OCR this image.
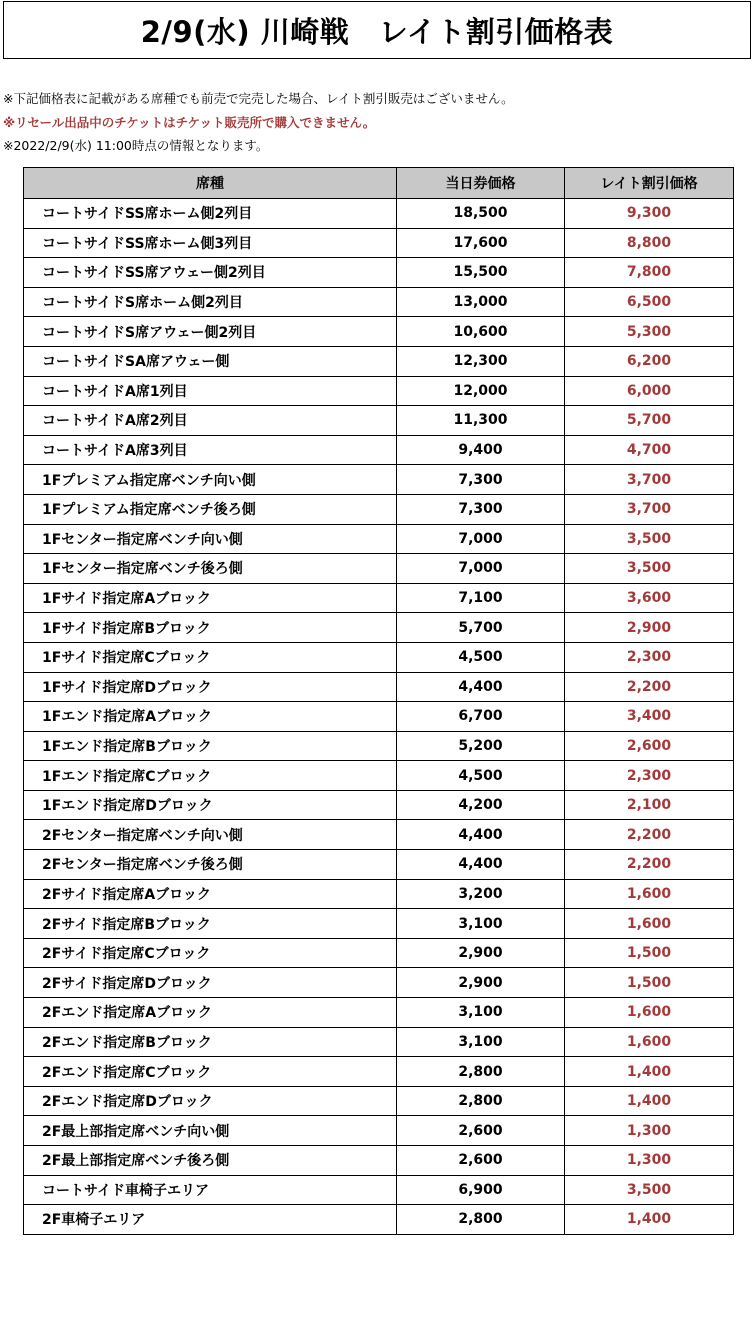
2/9(水) 川崎戦　レイト割引価格表
※下記価格表に記載がある席種でも前売で完売した場合、レイト割引販売はございません。
※リセール出品中のチケットはチケット販売所で購入できません。
※2022/2/9(水) 11:00時点の情報となります。
席種	当日券価格	レイト割引価格
コートサイドSS席ホーム側2列目	18,500	9,300
コートサイドSS席ホーム側3列目	17,600	8,800
コートサイドSS席アウェー側2列目	15,500	7,800
コートサイドS席ホーム側2列目	13,000	6,500
コートサイドS席アウェー側2列目	10,600	5,300
コートサイドSA席アウェー側	12,300	6,200
コートサイドA席1列目	12,000	6,000
コートサイドA席2列目	11,300	5,700
コートサイドA席3列目	9,400	4,700
1Fプレミアム指定席ベンチ向い側	7,300	3,700
1Fプレミアム指定席ベンチ後ろ側	7,300	3,700
1Fセンター指定席ベンチ向い側	7,000	3,500
1Fセンター指定席ベンチ後ろ側	7,000	3,500
1Fサイド指定席Aブロック	7,100	3,600
1Fサイド指定席Bブロック	5,700	2,900
1Fサイド指定席Cブロック	4,500	2,300
1Fサイド指定席Dブロック	4,400	2,200
1Fエンド指定席Aブロック	6,700	3,400
1Fエンド指定席Bブロック	5,200	2,600
1Fエンド指定席Cブロック	4,500	2,300
1Fエンド指定席Dブロック	4,200	2,100
2Fセンター指定席ベンチ向い側	4,400	2,200
2Fセンター指定席ベンチ後ろ側	4,400	2,200
2Fサイド指定席Aブロック	3,200	1,600
2Fサイド指定席Bブロック	3,100	1,600
2Fサイド指定席Cブロック	2,900	1,500
2Fサイド指定席Dブロック	2,900	1,500
2Fエンド指定席Aブロック	3,100	1,600
2Fエンド指定席Bブロック	3,100	1,600
2Fエンド指定席Cブロック	2,800	1,400
2Fエンド指定席Dブロック	2,800	1,400
2F最上部指定席ベンチ向い側	2,600	1,300
2F最上部指定席ベンチ後ろ側	2,600	1,300
コートサイド車椅子エリア	6,900	3,500
2F車椅子エリア	2,800	1,400
